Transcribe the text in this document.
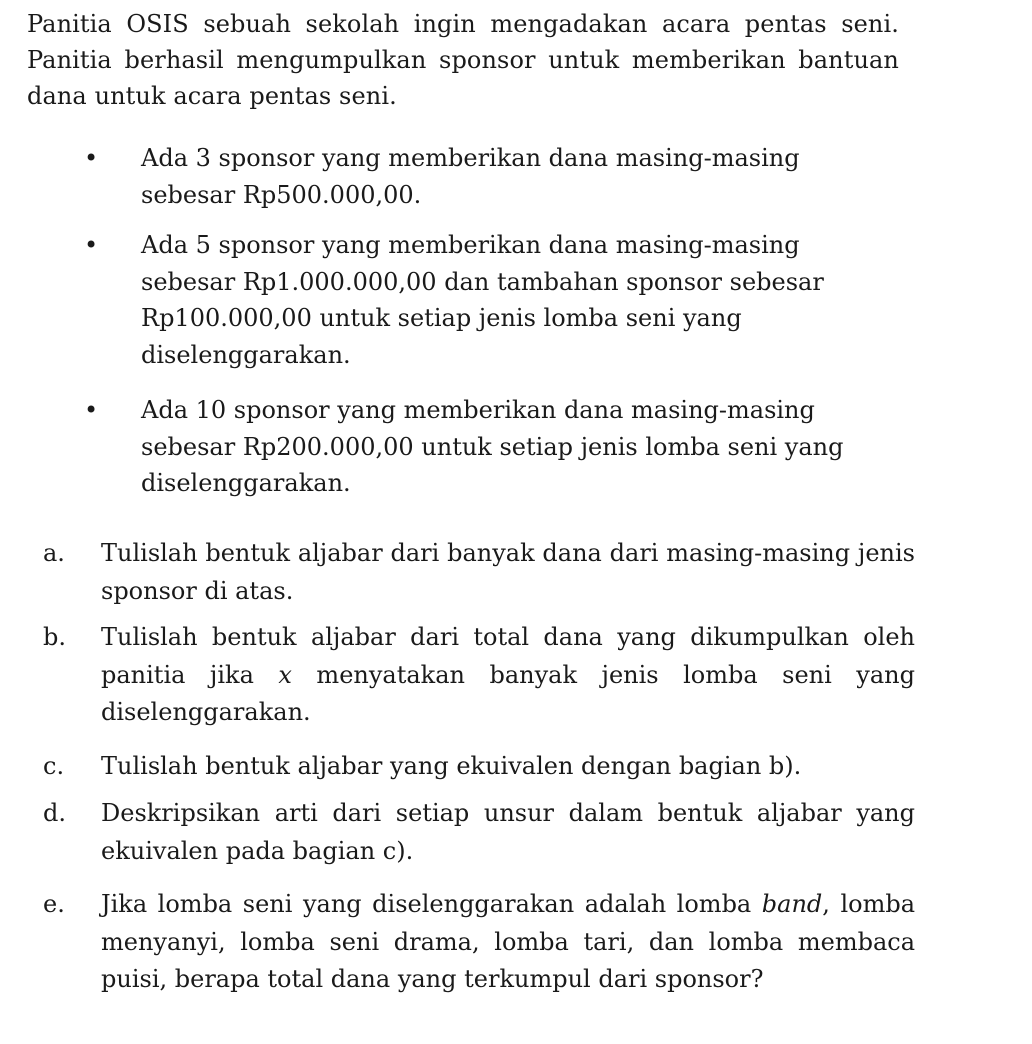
Panitia OSIS sebuah sekolah ingin mengadakan acara pentas seni. Panitia berhasil mengumpulkan sponsor untuk memberikan bantuan dana untuk acara pentas seni.

• Ada 3 sponsor yang memberikan dana masing-masing sebesar Rp500.000,00.
• Ada 5 sponsor yang memberikan dana masing-masing sebesar Rp1.000.000,00 dan tambahan sponsor sebesar Rp100.000,00 untuk setiap jenis lomba seni yang diselenggarakan.
• Ada 10 sponsor yang memberikan dana masing-masing sebesar Rp200.000,00 untuk setiap jenis lomba seni yang diselenggarakan.
a. Tulislah bentuk aljabar dari banyak dana dari masing-masing jenis sponsor di atas.
b. Tulislah bentuk aljabar dari total dana yang dikumpulkan oleh panitia jika x menyatakan banyak jenis lomba seni yang diselenggarakan.
c. Tulislah bentuk aljabar yang ekuivalen dengan bagian b).
d. Deskripsikan arti dari setiap unsur dalam bentuk aljabar yang ekuivalen pada bagian c).
e. Jika lomba seni yang diselenggarakan adalah lomba band, lomba menyanyi, lomba seni drama, lomba tari, dan lomba membaca puisi, berapa total dana yang terkumpul dari sponsor?
